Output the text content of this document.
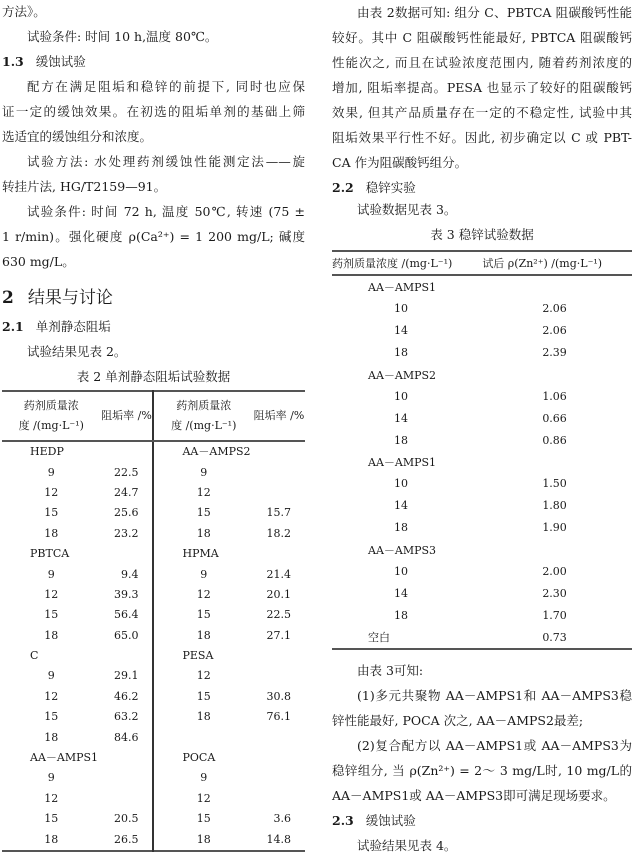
方法》。
试验条件: 时间 10 h,温度 80℃。
1.3 缓蚀试验
配方在满足阻垢和稳锌的前提下, 同时也应保
证一定的缓蚀效果。在初选的阻垢单剂的基础上筛
选适宜的缓蚀组分和浓度。
试验方法: 水处理药剂缓蚀性能测定法——旋
转挂片法, HG/T2159—91。
试验条件: 时间 72 h, 温度 50℃, 转速 (75 ±
1 r/min)。强化硬度 ρ(Ca²⁺) = 1 200 mg/L; 碱度
630 mg/L。
2 结果与讨论
2.1 单剂静态阻垢
试验结果见表 2。
表 2 单剂静态阻垢试验数据
药剂质量浓
度 /(mg·L⁻¹)	阻垢率 /%	药剂质量浓
度 /(mg·L⁻¹)	阻垢率 /%
HEDP		AA－AMPS2	
9	22.5	9	
12	24.7	12	
15	25.6	15	15.7
18	23.2	18	18.2
PBTCA		HPMA	
9	9.4	9	21.4
12	39.3	12	20.1
15	56.4	15	22.5
18	65.0	18	27.1
C		PESA	
9	29.1	12	
12	46.2	15	30.8
15	63.2	18	76.1
18	84.6		
AA－AMPS1		POCA	
9		9	
12		12	
15	20.5	15	3.6
18	26.5	18	14.8
由表 2数据可知: 组分 C、PBTCA 阻碳酸钙性能
较好。其中 C 阻碳酸钙性能最好, PBTCA 阻碳酸钙
性能次之, 而且在试验浓度范围内, 随着药剂浓度的
增加, 阻垢率提高。PESA 也显示了较好的阻碳酸钙
效果, 但其产品质量存在一定的不稳定性, 试验中其
阻垢效果平行性不好。因此, 初步确定以 C 或 PBT-
CA 作为阻碳酸钙组分。
2.2 稳锌实验
试验数据见表 3。
表 3 稳锌试验数据
药剂质量浓度 /(mg·L⁻¹)	试后 ρ(Zn²⁺) /(mg·L⁻¹)
AA－AMPS1	
10	2.06
14	2.06
18	2.39
AA－AMPS2	
10	1.06
14	0.66
18	0.86
AA－AMPS1	
10	1.50
14	1.80
18	1.90
AA－AMPS3	
10	2.00
14	2.30
18	1.70
空白	0.73
由表 3可知:
(1)多元共聚物 AA－AMPS1和 AA－AMPS3稳
锌性能最好, POCA 次之, AA－AMPS2最差;
(2)复合配方以 AA－AMPS1或 AA－AMPS3为
稳锌组分, 当 ρ(Zn²⁺) = 2～ 3 mg/L时, 10 mg/L的
AA－AMPS1或 AA－AMPS3即可满足现场要求。
2.3 缓蚀试验
试验结果见表 4。
